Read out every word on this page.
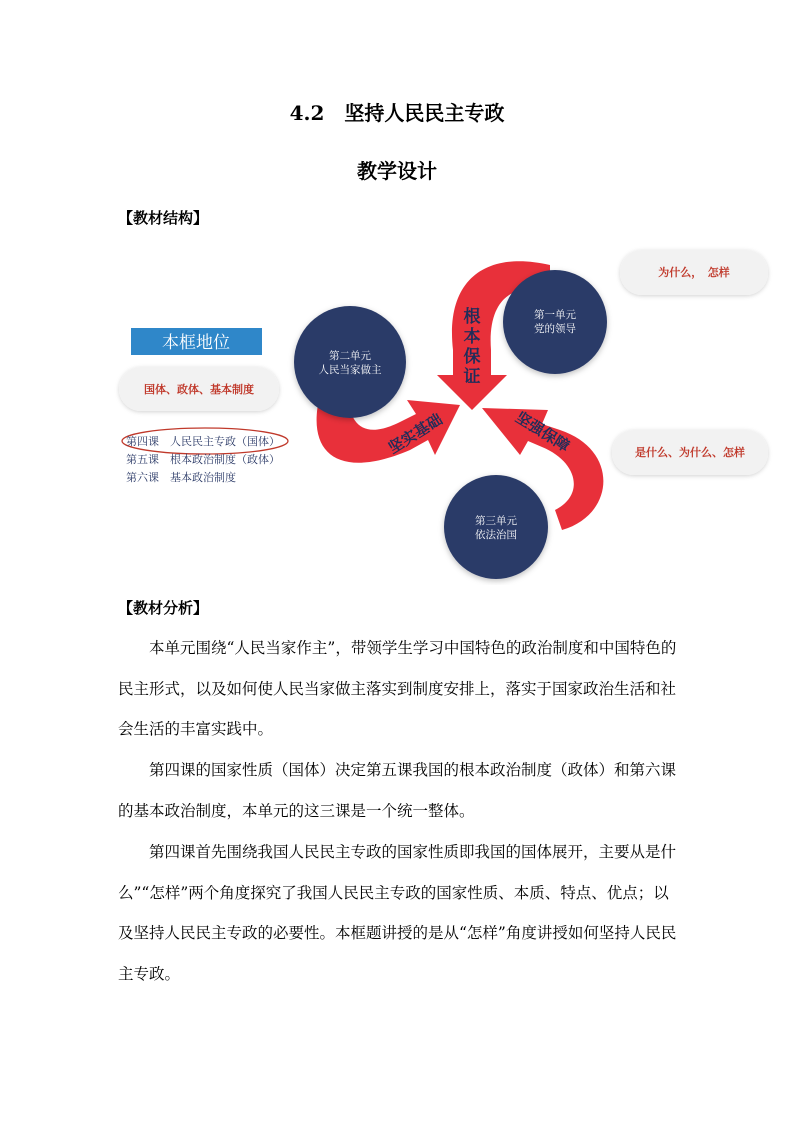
4.2　坚持人民民主专政
教学设计
【教材结构】
根
本
保
证
坚实基础	坚强保障
第一单元
党的领导
第二单元
人民当家做主
第三单元
依法治国
本框地位
国体、政体、基本制度
第四课　人民民主专政（国体）
第五课　根本政治制度（政体）
第六课　基本政治制度
为什么，　怎样
是什么、为什么、怎样
【教材分析】
本单元围绕“人民当家作主”，带领学生学习中国特色的政治制度和中国特色的民主形式，以及如何使人民当家做主落实到制度安排上，落实于国家政治生活和社会生活的丰富实践中。
第四课的国家性质（国体）决定第五课我国的根本政治制度（政体）和第六课的基本政治制度，本单元的这三课是一个统一整体。
第四课首先围绕我国人民民主专政的国家性质即我国的国体展开，主要从是什么”“怎样”两个角度探究了我国人民民主专政的国家性质、本质、特点、优点；以及坚持人民民主专政的必要性。本框题讲授的是从“怎样”角度讲授如何坚持人民民主专政。
